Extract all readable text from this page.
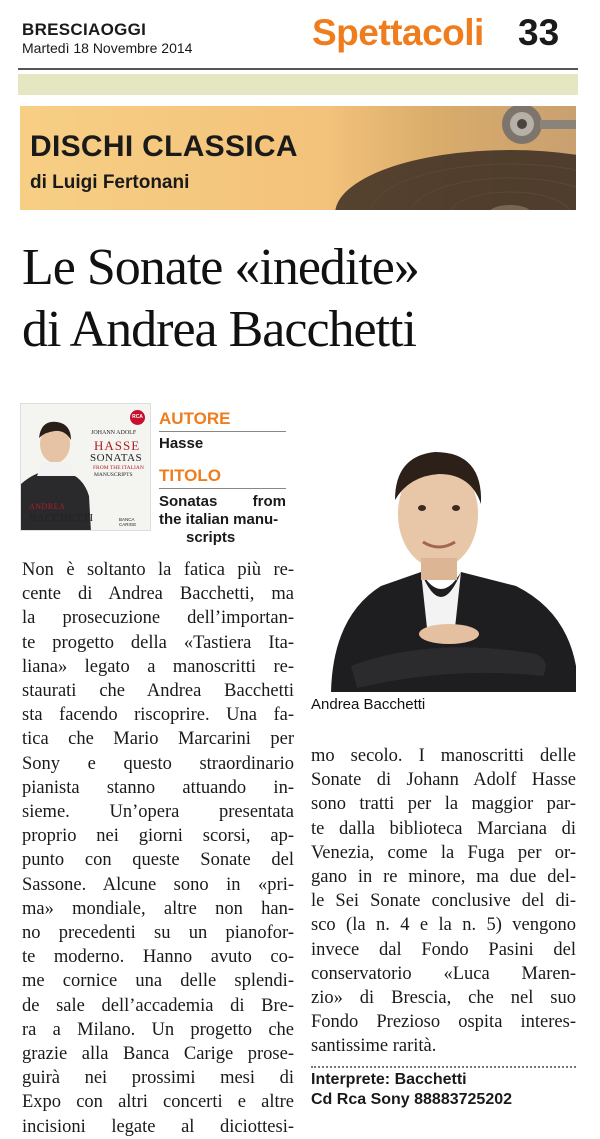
BRESCIAOGGI
Martedì 18 Novembre 2014	Spettacoli 33
DISCHI CLASSICA
di Luigi Fertonani
Le Sonate «inedite»
di Andrea Bacchetti
RCA
JOHANN ADOLF
HASSE
SONATAS
FROM THE ITALIAN
MANUSCRIPTS
ANDREA
BACCHETTI	BANCA CARIGE
AUTORE
Hasse
TITOLO
Sonatas from
the italian manu-
scripts
Andrea Bacchetti
Non è soltanto la fatica più re-
cente di Andrea Bacchetti, ma
la prosecuzione dell’importan-
te progetto della «Tastiera Ita-
liana» legato a manoscritti re-
staurati che Andrea Bacchetti
sta facendo riscoprire. Una fa-
tica che Mario Marcarini per
Sony e questo straordinario
pianista stanno attuando in-
sieme. Un’opera presentata
proprio nei giorni scorsi, ap-
punto con queste Sonate del
Sassone. Alcune sono in «pri-
ma» mondiale, altre non han-
no precedenti su un pianofor-
te moderno. Hanno avuto co-
me cornice una delle splendi-
de sale dell’accademia di Bre-
ra a Milano. Un progetto che
grazie alla Banca Carige prose-
guirà nei prossimi mesi di
Expo con altri concerti e altre
incisioni legate al diciottesi-
mo secolo. I manoscritti delle
Sonate di Johann Adolf Hasse
sono tratti per la maggior par-
te dalla biblioteca Marciana di
Venezia, come la Fuga per or-
gano in re minore, ma due del-
le Sei Sonate conclusive del di-
sco (la n. 4 e la n. 5) vengono
invece dal Fondo Pasini del
conservatorio «Luca Maren-
zio» di Brescia, che nel suo
Fondo Prezioso ospita interes-
santissime rarità.
Interprete: Bacchetti
Cd Rca Sony 88883725202
